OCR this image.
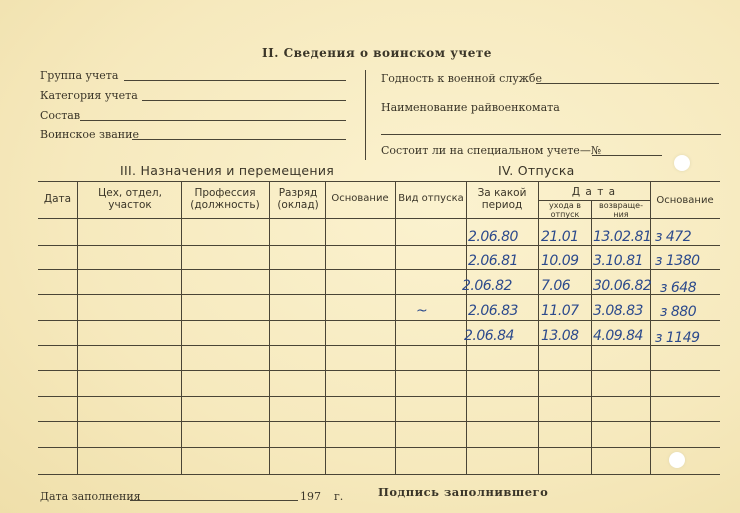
II. Сведения о воинском учете
Группа учета
Категория учета
Состав
Воинское звание
Годность к военной службе
Наименование райвоенкомата
Состоит ли на специальном учете—№
III. Назначения и перемещения	IV. Отпуска
Дата	Цех, отдел, участок
Профессия (должность)
Разряд (оклад)
Основание Вид отпуска	За какой период
Д а т а
ухода в отпуск
возвраще- ния
Основание
2.06.80 21.01 13.02.81 з 472
2.06.81 10.09 3.10.81 з 1380
2.06.82 7.06 30.06.82 з 648
~	2.06.83 11.07 3.08.83 з 880
2.06.84 13.08 4.09.84 з 1149
Дата заполнения	197 г.	Подпись заполнившего
